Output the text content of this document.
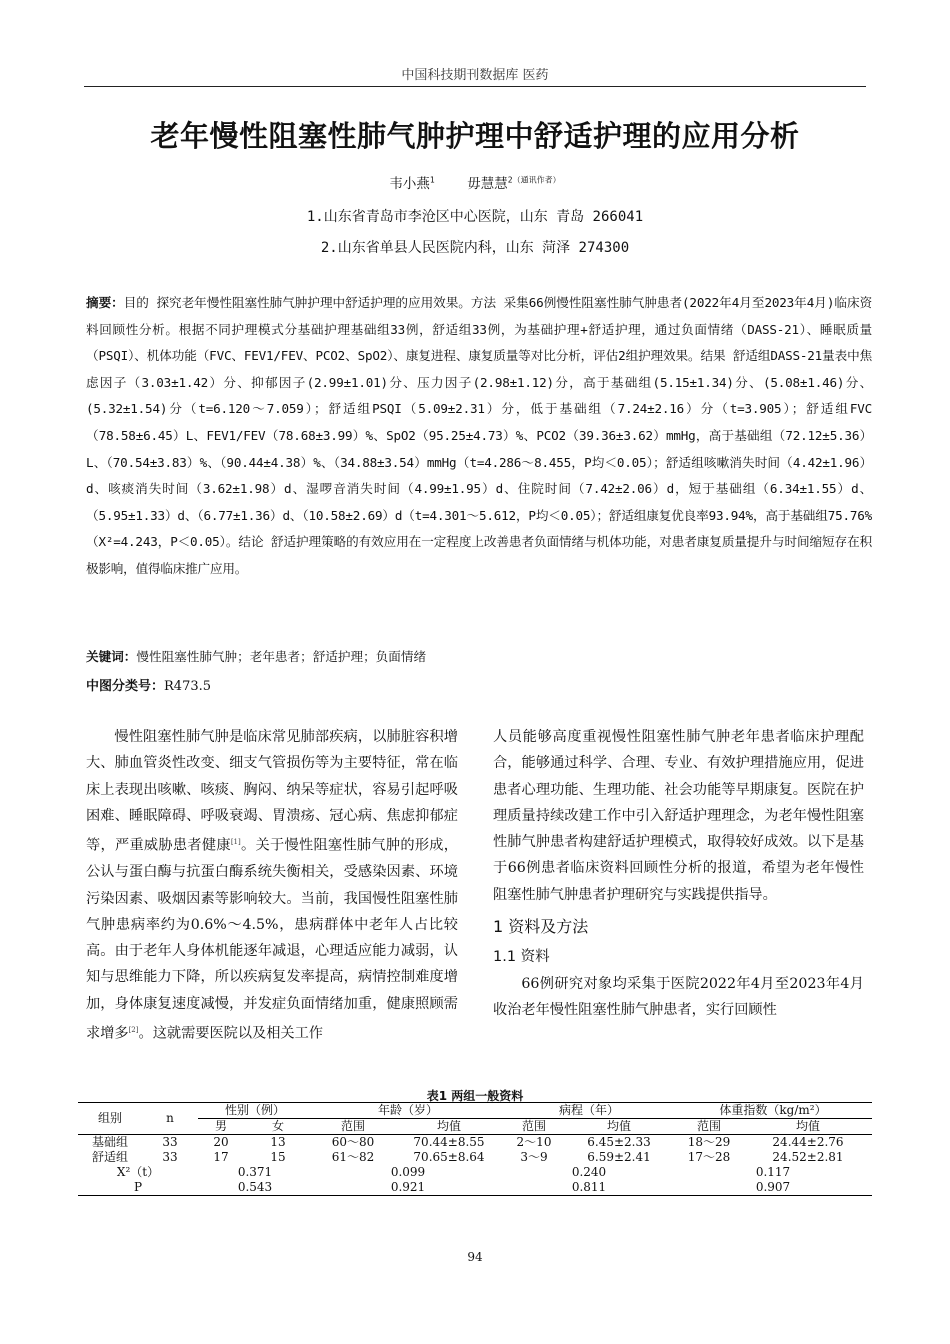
中国科技期刊数据库 医药
老年慢性阻塞性肺气肿护理中舒适护理的应用分析
韦小燕$^1$ 毋慧慧$^{2(通讯作者)}$
1.山东省青岛市李沧区中心医院，山东 青岛 266041
2.山东省单县人民医院内科，山东 菏泽 274300
摘要：目的 探究老年慢性阻塞性肺气肿护理中舒适护理的应用效果。方法 采集66例慢性阻塞性肺气肿患者(2022年4月至2023年4月)临床资料回顾性分析。根据不同护理模式分基础护理基础组33例，舒适组33例，为基础护理+舒适护理，通过负面情绪（DASS-21）、睡眠质量（PSQI）、机体功能（FVC、FEV1/FEV、PCO2、SpO2）、康复进程、康复质量等对比分析，评估2组护理效果。结果 舒适组DASS-21量表中焦虑因子（3.03±1.42）分、抑郁因子(2.99±1.01)分、压力因子(2.98±1.12)分，高于基础组(5.15±1.34)分、(5.08±1.46)分、(5.32±1.54)分（t=6.120～7.059）；舒适组PSQI（5.09±2.31）分，低于基础组（7.24±2.16）分（t=3.905）；舒适组FVC（78.58±6.45）L、FEV1/FEV（78.68±3.99）%、SpO2（95.25±4.73）%、PCO2（39.36±3.62）mmHg，高于基础组（72.12±5.36）L、（70.54±3.83）%、（90.44±4.38）%、（34.88±3.54）mmHg（t=4.286～8.455，P均＜0.05）；舒适组咳嗽消失时间（4.42±1.96）d、咳痰消失时间（3.62±1.98）d、湿啰音消失时间（4.99±1.95）d、住院时间（7.42±2.06）d，短于基础组（6.34±1.55）d、（5.95±1.33）d、（6.77±1.36）d、（10.58±2.69）d（t=4.301～5.612，P均＜0.05）；舒适组康复优良率93.94%，高于基础组75.76%（X²=4.243，P＜0.05）。结论 舒适护理策略的有效应用在一定程度上改善患者负面情绪与机体功能，对患者康复质量提升与时间缩短存在积极影响，值得临床推广应用。
关键词：慢性阻塞性肺气肿；老年患者；舒适护理；负面情绪
中图分类号：R473.5

慢性阻塞性肺气肿是临床常见肺部疾病，以肺脏容积增大、肺血管炎性改变、细支气管损伤等为主要特征，常在临床上表现出咳嗽、咳痰、胸闷、纳呆等症状，容易引起呼吸困难、睡眠障碍、呼吸衰竭、胃溃疡、冠心病、焦虑抑郁症等，严重威胁患者健康[1]。关于慢性阻塞性肺气肿的形成，公认与蛋白酶与抗蛋白酶系统失衡相关，受感染因素、环境污染因素、吸烟因素等影响较大。当前，我国慢性阻塞性肺气肿患病率约为0.6%～4.5%，患病群体中老年人占比较高。由于老年人身体机能逐年减退，心理适应能力减弱，认知与思维能力下降，所以疾病复发率提高，病情控制难度增加，身体康复速度减慢，并发症负面情绪加重，健康照顾需求增多[2]。这就需要医院以及相关工作

人员能够高度重视慢性阻塞性肺气肿老年患者临床护理配合，能够通过科学、合理、专业、有效护理措施应用，促进患者心理功能、生理功能、社会功能等早期康复。医院在护理质量持续改建工作中引入舒适护理理念，为老年慢性阻塞性肺气肿患者构建舒适护理模式，取得较好成效。以下是基于66例患者临床资料回顾性分析的报道，希望为老年慢性阻塞性肺气肿患者护理研究与实践提供指导。

1 资料及方法

1.1 资料

66例研究对象均采集于医院2022年4月至2023年4月收治老年慢性阻塞性肺气肿患者，实行回顾性

表1 两组一般资料
组别	n	性别（例）		年龄（岁）		病程（年）		体重指数（kg/m²）	
		男	女	范围	均值	范围	均值	范围	均值
基础组	33	20	13	60～80	70.44±8.55	2～10	6.45±2.33	18～29	24.44±2.76
舒适组	33	17	15	61～82	70.65±8.64	3～9	6.59±2.41	17～28	24.52±2.81
X²（t）		0.371		0.099		0.240		0.117	
P		0.543		0.921		0.811		0.907	
94
